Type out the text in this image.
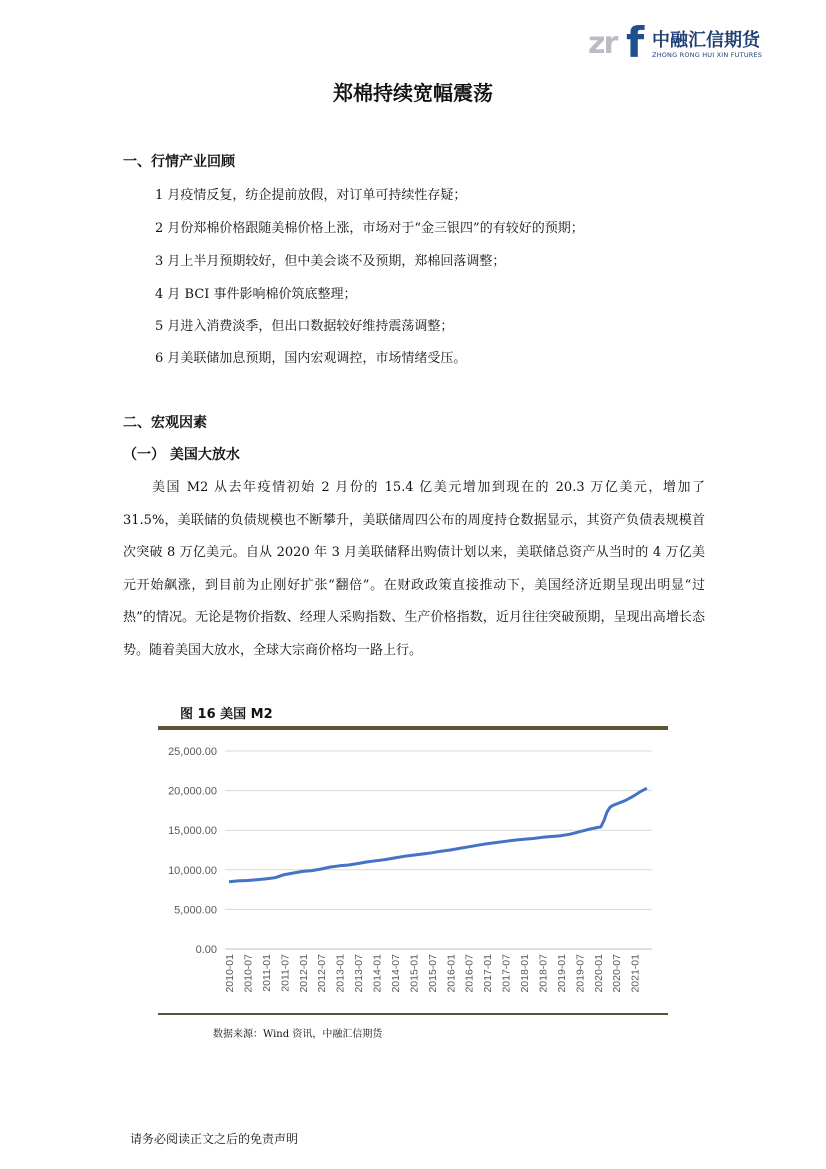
zr f 中融汇信期货
ZHONG RONG HUI XIN FUTURES
郑棉持续宽幅震荡
一、行情产业回顾
1 月疫情反复，纺企提前放假，对订单可持续性存疑；
2 月份郑棉价格跟随美棉价格上涨，市场对于“金三银四”的有较好的预期；
3 月上半月预期较好，但中美会谈不及预期，郑棉回落调整；
4 月 BCI 事件影响棉价筑底整理；
5 月进入消费淡季，但出口数据较好维持震荡调整；
6 月美联储加息预期，国内宏观调控，市场情绪受压。
二、宏观因素
（一） 美国大放水
美国 M2 从去年疫情初始 2 月份的 15.4 亿美元增加到现在的 20.3 万亿美元，增加了 31.5%，美联储的负债规模也不断攀升，美联储周四公布的周度持仓数据显示，其资产负债表规模首次突破 8 万亿美元。自从 2020 年 3 月美联储释出购债计划以来，美联储总资产从当时的 4 万亿美元开始飙涨，到目前为止刚好扩张“翻倍”。在财政政策直接推动下，美国经济近期呈现出明显“过热”的情况。无论是物价指数、经理人采购指数、生产价格指数，近月往往突破预期，呈现出高增长态势。随着美国大放水，全球大宗商价格均一路上行。
图 16 美国 M2
0.00
5,000.00
10,000.00
15,000.00
20,000.00
25,000.00
2010-01 2010-07 2011-01 2011-07 2012-01 2012-07 2013-01 2013-07 2014-01 2014-07 2015-01 2015-07 2016-01 2016-07 2017-01 2017-07 2018-01 2018-07 2019-01 2019-07 2020-01 2020-07 2021-01
数据来源：Wind 资讯，中融汇信期货
请务必阅读正文之后的免责声明
